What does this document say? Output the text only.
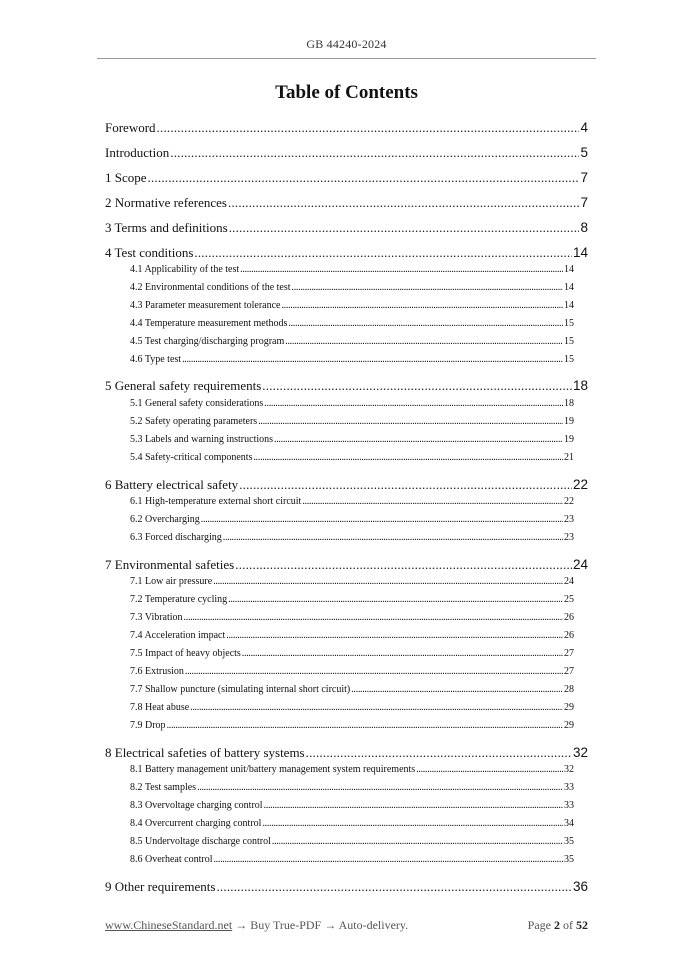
GB 44240-2024
Table of Contents
Foreword .....	4
Introduction .....	5
1 Scope .....	7
2 Normative references .....	7
3 Terms and definitions .....	8
4 Test conditions .....	14
4.1 Applicability of the test .....	14
4.2 Environmental conditions of the test .....	14
4.3 Parameter measurement tolerance .....	14
4.4 Temperature measurement methods .....	15
4.5 Test charging/discharging program .....	15
4.6 Type test .....	15
5 General safety requirements .....	18
5.1 General safety considerations .....	18
5.2 Safety operating parameters .....	19
5.3 Labels and warning instructions .....	19
5.4 Safety-critical components .....	21
6 Battery electrical safety .....	22
6.1 High-temperature external short circuit .....	22
6.2 Overcharging .....	23
6.3 Forced discharging .....	23
7 Environmental safeties .....	24
7.1 Low air pressure .....	24
7.2 Temperature cycling .....	25
7.3 Vibration .....	26
7.4 Acceleration impact .....	26
7.5 Impact of heavy objects .....	27
7.6 Extrusion .....	27
7.7 Shallow puncture (simulating internal short circuit) .....	28
7.8 Heat abuse .....	29
7.9 Drop .....	29
8 Electrical safeties of battery systems .....	32
8.1 Battery management unit/battery management system requirements .....	32
8.2 Test samples .....	33
8.3 Overvoltage charging control .....	33
8.4 Overcurrent charging control .....	34
8.5 Undervoltage discharge control .....	35
8.6 Overheat control .....	35
9 Other requirements .....	36
www.ChineseStandard.net → Buy True-PDF → Auto-delivery.	Page 2 of 52
